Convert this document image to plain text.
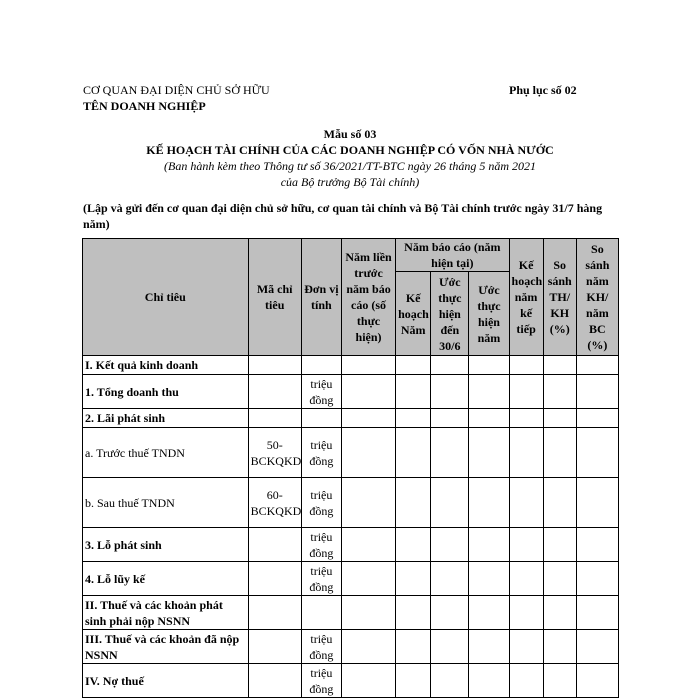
CƠ QUAN ĐẠI DIỆN CHỦ SỞ HỮU
TÊN DOANH NGHIỆP
Phụ lục số 02
Mẫu số 03
KẾ HOẠCH TÀI CHÍNH CỦA CÁC DOANH NGHIỆP CÓ VỐN NHÀ NƯỚC
(Ban hành kèm theo Thông tư số 36/2021/TT-BTC ngày 26 tháng 5 năm 2021
của Bộ trưởng Bộ Tài chính)
(Lập và gửi đến cơ quan đại diện chủ sở hữu, cơ quan tài chính và Bộ Tài chính trước ngày 31/7 hàng năm)
Chỉ tiêu	Mã chỉ tiêu	Đơn vị tính	Năm liền trước năm báo cáo (số thực hiện)	Năm báo cáo (năm hiện tại)			Kế hoạch năm kế tiếp	So sánh TH/ KH (%)	So sánh năm KH/ năm BC (%)
				Kế hoạch Năm	Ước thực hiện đến 30/6	Ước thực hiện năm			
I. Kết quả kinh doanh									
1. Tổng doanh thu		triệu đồng							
2. Lãi phát sinh									
a. Trước thuế TNDN	50-BCKQKD	triệu đồng							
b. Sau thuế TNDN	60-BCKQKD	triệu đồng							
3. Lỗ phát sinh		triệu đồng							
4. Lỗ lũy kế		triệu đồng							
II. Thuế và các khoản phát sinh phải nộp NSNN									
III. Thuế và các khoản đã nộp NSNN		triệu đồng							
IV. Nợ thuế		triệu đồng							
